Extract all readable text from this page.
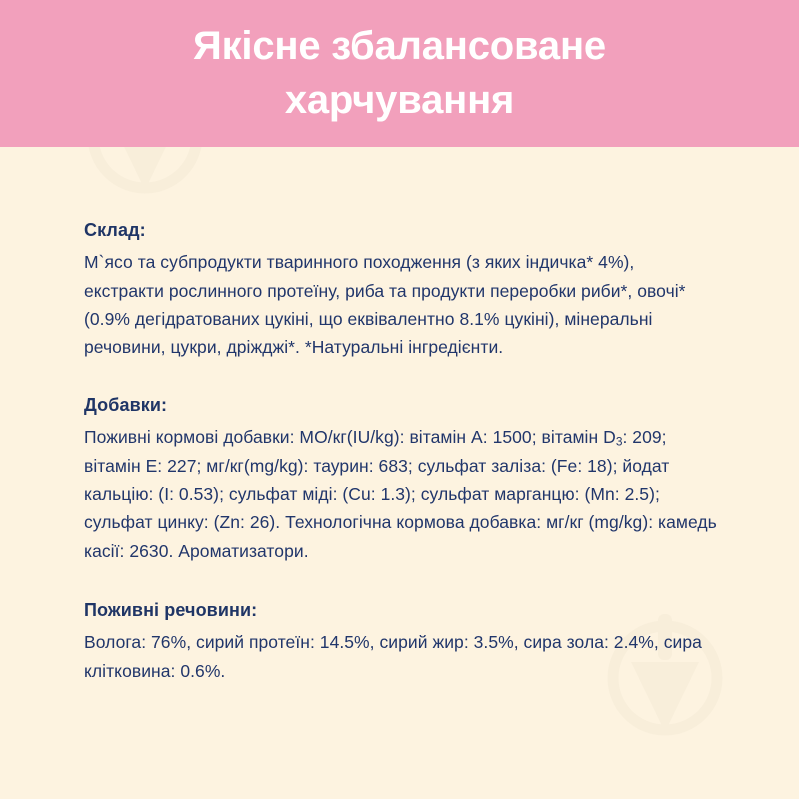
Якісне збалансоване харчування
Склад:

М`ясо та субпродукти тваринного походження (з яких індичка* 4%), екстракти рослинного протеїну, риба та продукти переробки риби*, овочі* (0.9% дегідратованих цукіні, що еквівалентно 8.1% цукіні), мінеральні речовини, цукри, дріжджі*. *Натуральні інгредієнти.

Добавки:

Поживні кормові добавки: МО/кг(IU/kg): вітамін А: 1500; вітамін $D_3$: 209; вітамін Е: 227; мг/кг(mg/kg): таурин: 683; сульфат заліза: (Fe: 18); йодат кальцію: (I: 0.53); сульфат міді: (Cu: 1.3); сульфат марганцю: (Mn: 2.5); сульфат цинку: (Zn: 26). Технологічна кормова добавка: мг/кг (mg/kg): камедь касії: 2630. Ароматизатори.

Поживні речовини:

Волога: 76%, сирий протеїн: 14.5%, сирий жир: 3.5%, сира зола: 2.4%, сира клітковина: 0.6%.
